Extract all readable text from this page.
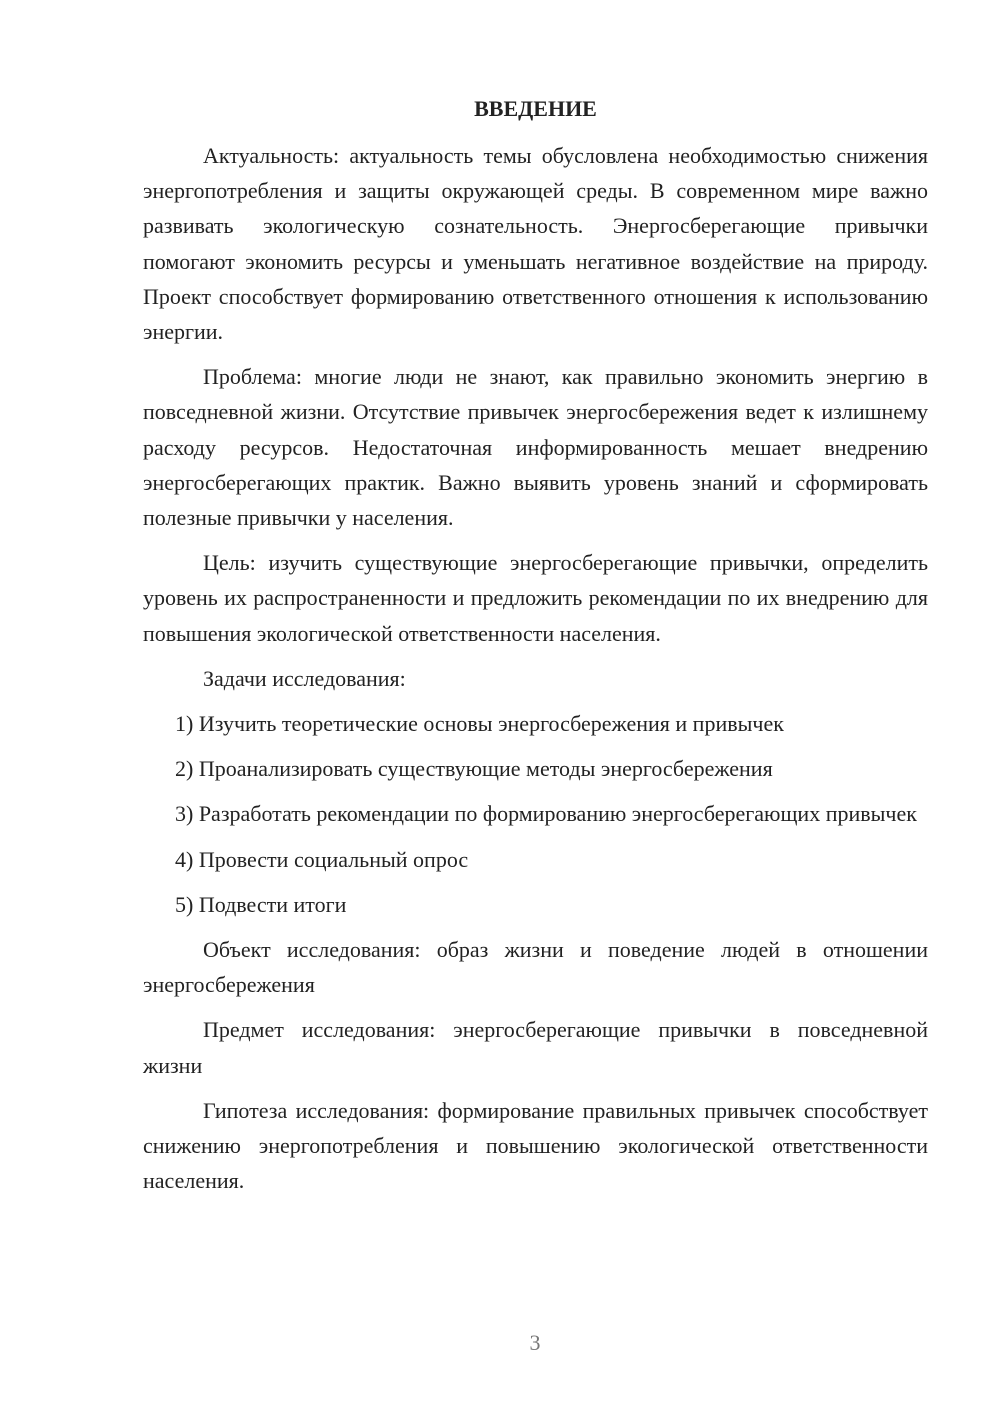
ВВЕДЕНИЕ

Актуальность: актуальность темы обусловлена необходимостью снижения энергопотребления и защиты окружающей среды. В современном мире важно развивать экологическую сознательность. Энергосберегающие привычки помогают экономить ресурсы и уменьшать негативное воздействие на природу. Проект способствует формированию ответственного отношения к использованию энергии.

Проблема: многие люди не знают, как правильно экономить энергию в повседневной жизни. Отсутствие привычек энергосбережения ведет к излишнему расходу ресурсов. Недостаточная информированность мешает внедрению энергосберегающих практик. Важно выявить уровень знаний и сформировать полезные привычки у населения.

Цель: изучить существующие энергосберегающие привычки, определить уровень их распространенности и предложить рекомендации по их внедрению для повышения экологической ответственности населения.

Задачи исследования:

1) Изучить теоретические основы энергосбережения и привычек

2) Проанализировать существующие методы энергосбережения

3) Разработать рекомендации по формированию энергосберегающих привычек

4) Провести социальный опрос

5) Подвести итоги

Объект исследования: образ жизни и поведение людей в отношении энергосбережения

Предмет исследования: энергосберегающие привычки в повседневной жизни

Гипотеза исследования: формирование правильных привычек способствует снижению энергопотребления и повышению экологической ответственности населения.

3
